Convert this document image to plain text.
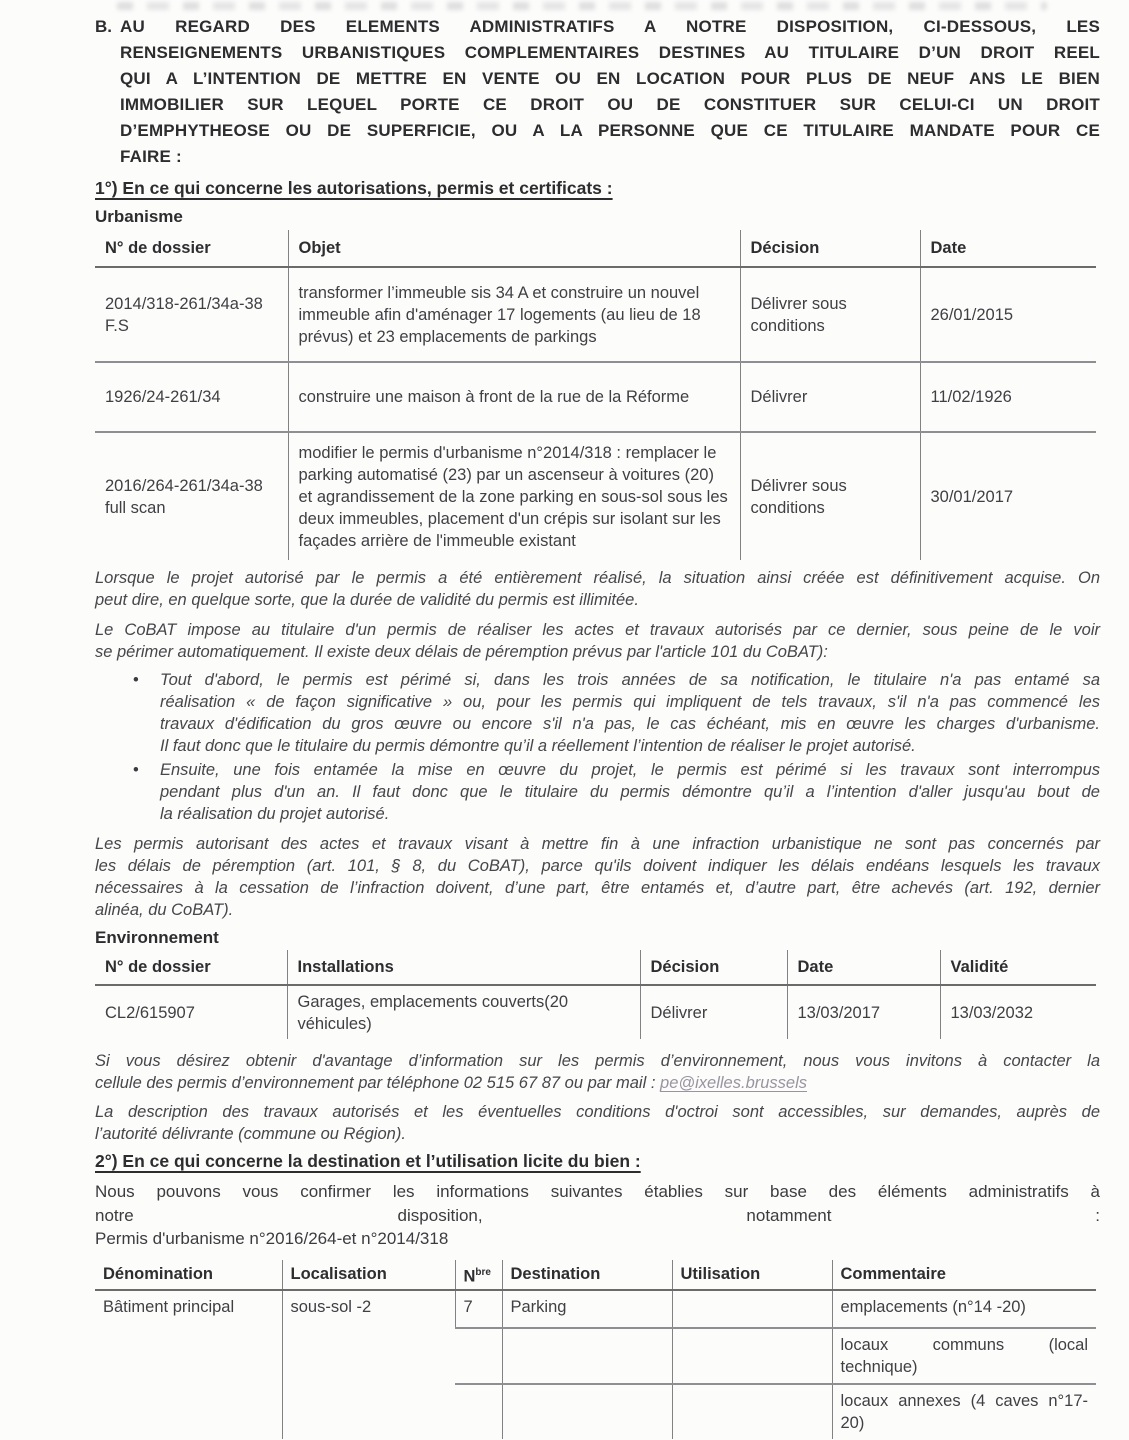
B. AU REGARD DES ELEMENTS ADMINISTRATIFS A NOTRE DISPOSITION, CI-DESSOUS, LES
RENSEIGNEMENTS URBANISTIQUES COMPLEMENTAIRES DESTINES AU TITULAIRE D’UN DROIT REEL
QUI A L’INTENTION DE METTRE EN VENTE OU EN LOCATION POUR PLUS DE NEUF ANS LE BIEN
IMMOBILIER SUR LEQUEL PORTE CE DROIT OU DE CONSTITUER SUR CELUI-CI UN DROIT
D’EMPHYTHEOSE OU DE SUPERFICIE, OU A LA PERSONNE QUE CE TITULAIRE MANDATE POUR CE
FAIRE :
1°) En ce qui concerne les autorisations, permis et certificats :
Urbanisme
N° de dossier	Objet	Décision	Date
2014/318-261/34a-38 F.S	transformer l’immeuble sis 34 A et construire un nouvel immeuble afin d'aménager 17 logements (au lieu de 18 prévus) et 23 emplacements de parkings	Délivrer sous conditions	26/01/2015
1926/24-261/34	construire une maison à front de la rue de la Réforme	Délivrer	11/02/1926
2016/264-261/34a-38 full scan	modifier le permis d'urbanisme n°2014/318 : remplacer le parking automatisé (23) par un ascenseur à voitures (20) et agrandissement de la zone parking en sous-sol sous les deux immeubles, placement d'un crépis sur isolant sur les façades arrière de l'immeuble existant	Délivrer sous conditions	30/01/2017
Lorsque le projet autorisé par le permis a été entièrement réalisé, la situation ainsi créée est définitivement acquise. On
peut dire, en quelque sorte, que la durée de validité du permis est illimitée.
Le CoBAT impose au titulaire d'un permis de réaliser les actes et travaux autorisés par ce dernier, sous peine de le voir
se périmer automatiquement. Il existe deux délais de péremption prévus par l'article 101 du CoBAT):
• Tout d'abord, le permis est périmé si, dans les trois années de sa notification, le titulaire n'a pas entamé sa
réalisation « de façon significative » ou, pour les permis qui impliquent de tels travaux, s'il n'a pas commencé les
travaux d'édification du gros œuvre ou encore s'il n'a pas, le cas échéant, mis en œuvre les charges d'urbanisme.
Il faut donc que le titulaire du permis démontre qu’il a réellement l’intention de réaliser le projet autorisé.
• Ensuite, une fois entamée la mise en œuvre du projet, le permis est périmé si les travaux sont interrompus
pendant plus d'un an. Il faut donc que le titulaire du permis démontre qu’il a l’intention d'aller jusqu'au bout de
la réalisation du projet autorisé.
Les permis autorisant des actes et travaux visant à mettre fin à une infraction urbanistique ne sont pas concernés par
les délais de péremption (art. 101, § 8, du CoBAT), parce qu'ils doivent indiquer les délais endéans lesquels les travaux
nécessaires à la cessation de l’infraction doivent, d’une part, être entamés et, d’autre part, être achevés (art. 192, dernier
alinéa, du CoBAT).
Environnement
N° de dossier	Installations	Décision	Date	Validité
CL2/615907	Garages, emplacements couverts(20 véhicules)	Délivrer	13/03/2017	13/03/2032
Si vous désirez obtenir d'avantage d’information sur les permis d’environnement, nous vous invitons à contacter la
cellule des permis d’environnement par téléphone 02 515 67 87 ou par mail : pe@ixelles.brussels
La description des travaux autorisés et les éventuelles conditions d'octroi sont accessibles, sur demandes, auprès de
l’autorité délivrante (commune ou Région).
2°) En ce qui concerne la destination et l’utilisation licite du bien :
Nous pouvons vous confirmer les informations suivantes établies sur base des éléments administratifs à
notre	disposition,	notamment	:
Permis d'urbanisme n°2016/264-et n°2014/318
Dénomination	Localisation	$N^{bre}$	Destination	Utilisation	Commentaire
Bâtiment principal	sous-sol -2	7	Parking		emplacements (n°14 -20)
					locaux communs (local technique)
					locaux annexes (4 caves n°17-20)
